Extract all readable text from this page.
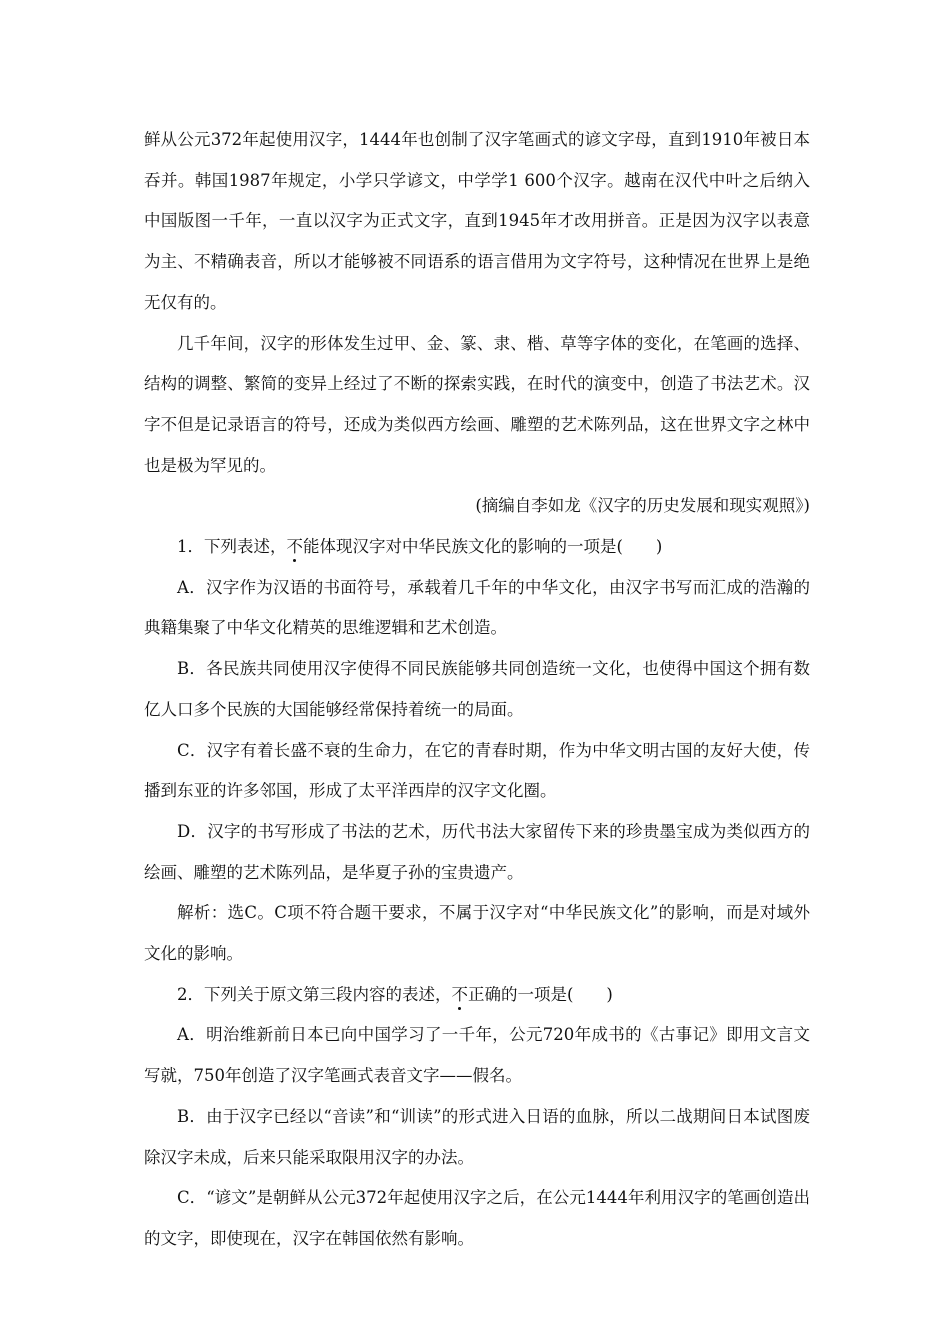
鲜从公元372年起使用汉字，1444年也创制了汉字笔画式的谚文字母，直到1910年被日本吞并。韩国1987年规定，小学只学谚文，中学学1 600个汉字。越南在汉代中叶之后纳入中国版图一千年，一直以汉字为正式文字，直到1945年才改用拼音。正是因为汉字以表意为主、不精确表音，所以才能够被不同语系的语言借用为文字符号，这种情况在世界上是绝无仅有的。

几千年间，汉字的形体发生过甲、金、篆、隶、楷、草等字体的变化，在笔画的选择、结构的调整、繁简的变异上经过了不断的探索实践，在时代的演变中，创造了书法艺术。汉字不但是记录语言的符号，还成为类似西方绘画、雕塑的艺术陈列品，这在世界文字之林中也是极为罕见的。

(摘编自李如龙《汉字的历史发展和现实观照》)

1．下列表述，不能体现汉字对中华民族文化的影响的一项是(　　)

A．汉字作为汉语的书面符号，承载着几千年的中华文化，由汉字书写而汇成的浩瀚的典籍集聚了中华文化精英的思维逻辑和艺术创造。

B．各民族共同使用汉字使得不同民族能够共同创造统一文化，也使得中国这个拥有数亿人口多个民族的大国能够经常保持着统一的局面。

C．汉字有着长盛不衰的生命力，在它的青春时期，作为中华文明古国的友好大使，传播到东亚的许多邻国，形成了太平洋西岸的汉字文化圈。

D．汉字的书写形成了书法的艺术，历代书法大家留传下来的珍贵墨宝成为类似西方的绘画、雕塑的艺术陈列品，是华夏子孙的宝贵遗产。

解析：选C。C项不符合题干要求，不属于汉字对“中华民族文化”的影响，而是对域外文化的影响。

2．下列关于原文第三段内容的表述，不正确的一项是(　　)

A．明治维新前日本已向中国学习了一千年，公元720年成书的《古事记》即用文言文写就，750年创造了汉字笔画式表音文字——假名。

B．由于汉字已经以“音读”和“训读”的形式进入日语的血脉，所以二战期间日本试图废除汉字未成，后来只能采取限用汉字的办法。

C．“谚文”是朝鲜从公元372年起使用汉字之后，在公元1444年利用汉字的笔画创造出的文字，即使现在，汉字在韩国依然有影响。
